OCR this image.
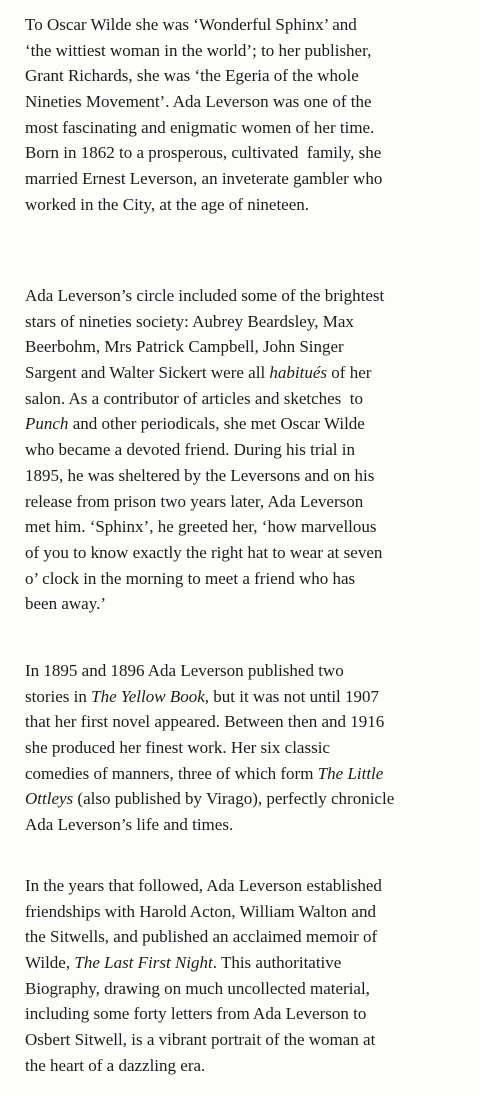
To Oscar Wilde she was ‘Wonderful Sphinx’ and
‘the wittiest woman in the world’; to her publisher,
Grant Richards, she was ‘the Egeria of the whole
Nineties Movement’. Ada Leverson was one of the
most fascinating and enigmatic women of her time.
Born in 1862 to a prosperous, cultivated  family, she
married Ernest Leverson, an inveterate gambler who
worked in the City, at the age of nineteen.

Ada Leverson’s circle included some of the brightest
stars of nineties society: Aubrey Beardsley, Max
Beerbohm, Mrs Patrick Campbell, John Singer
Sargent and Walter Sickert were all habitués of her
salon. As a contributor of articles and sketches  to
Punch and other periodicals, she met Oscar Wilde
who became a devoted friend. During his trial in
1895, he was sheltered by the Leversons and on his
release from prison two years later, Ada Leverson
met him. ‘Sphinx’, he greeted her, ‘how marvellous
of you to know exactly the right hat to wear at seven
o’ clock in the morning to meet a friend who has
been away.’

In 1895 and 1896 Ada Leverson published two
stories in The Yellow Book, but it was not until 1907
that her first novel appeared. Between then and 1916
she produced her finest work. Her six classic
comedies of manners, three of which form The Little
Ottleys (also published by Virago), perfectly chronicle
Ada Leverson’s life and times.

In the years that followed, Ada Leverson established
friendships with Harold Acton, William Walton and
the Sitwells, and published an acclaimed memoir of
Wilde, The Last First Night. This authoritative
Biography, drawing on much uncollected material,
including some forty letters from Ada Leverson to
Osbert Sitwell, is a vibrant portrait of the woman at
the heart of a dazzling era.
